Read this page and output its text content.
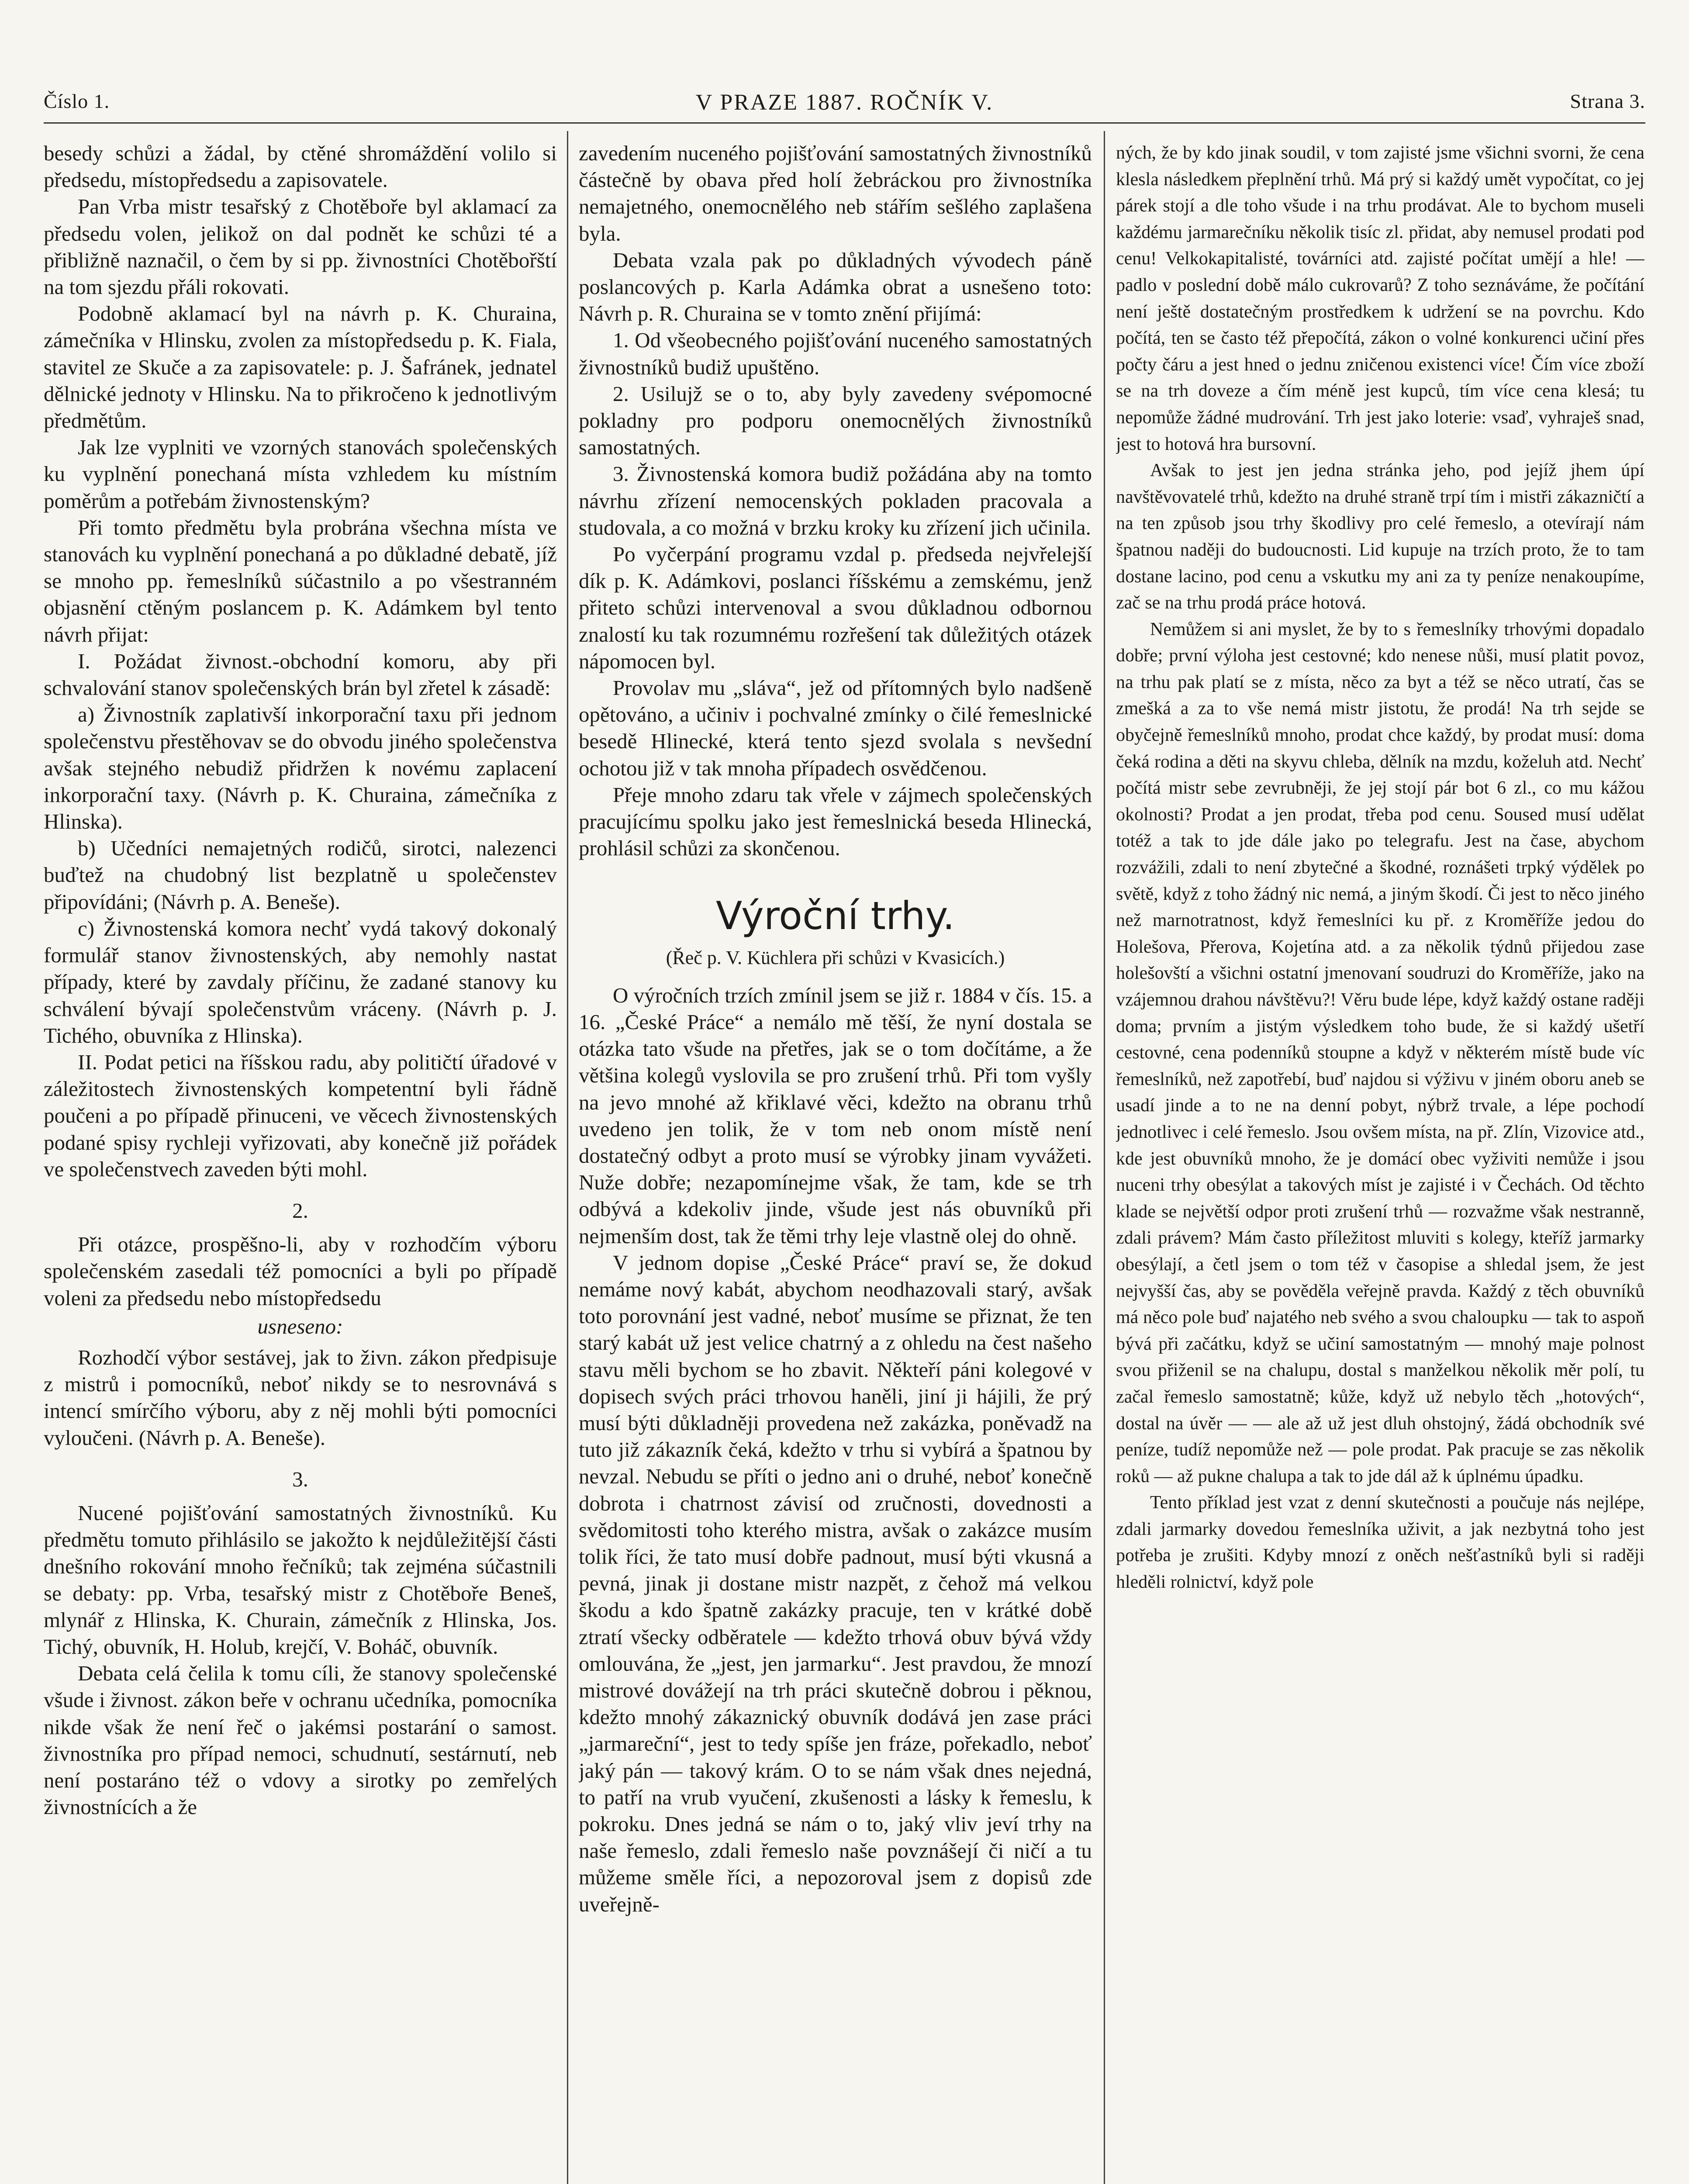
Číslo 1.	V PRAZE 1887. ROČNÍK V.	Strana 3.

besedy schůzi a žádal, by ctěné shromáždění volilo si předsedu, místopředsedu a zapisovatele.

Pan Vrba mistr tesařský z Chotěboře byl aklamací za předsedu volen, jelikož on dal podnět ke schůzi té a přibližně naznačil, o čem by si pp. živnostníci Chotěbořští na tom sjezdu přáli rokovati.

Podobně aklamací byl na návrh p. K. Churaina, zámečníka v Hlinsku, zvolen za místopředsedu p. K. Fiala, stavitel ze Skuče a za zapisovatele: p. J. Šafránek, jednatel dělnické jednoty v Hlinsku. Na to přikročeno k jednotlivým předmětům.

Jak lze vyplniti ve vzorných stanovách společenských ku vyplnění ponechaná místa vzhledem ku místním poměrům a potřebám živnostenským?

Při tomto předmětu byla probrána všechna místa ve stanovách ku vyplnění ponechaná a po důkladné debatě, jíž se mnoho pp. řemeslníků súčastnilo a po všestranném objasnění ctěným poslancem p. K. Adámkem byl tento návrh přijat:

I. Požádat živnost.-obchodní komoru, aby při schvalování stanov společenských brán byl zřetel k zásadě:

a) Živnostník zaplativší inkorporační taxu při jednom společenstvu přestěhovav se do obvodu jiného společenstva avšak stejného nebudiž přidržen k novému zaplacení inkorporační taxy. (Návrh p. K. Churaina, zámečníka z Hlinska).

b) Učedníci nemajetných rodičů, sirotci, nalezenci buďtež na chudobný list bezplatně u společenstev připovídáni; (Návrh p. A. Beneše).

c) Živnostenská komora nechť vydá takový dokonalý formulář stanov živnostenských, aby nemohly nastat případy, které by zavdaly příčinu, že zadané stanovy ku schválení bývají společenstvům vráceny. (Návrh p. J. Tichého, obuvníka z Hlinska).

II. Podat petici na říšskou radu, aby političtí úřadové v záležitostech živnostenských kompetentní byli řádně poučeni a po případě přinuceni, ve věcech živnostenských podané spisy rychleji vyřizovati, aby konečně již pořádek ve společenstvech zaveden býti mohl.

2.

Při otázce, prospěšno-li, aby v rozhodčím výboru společenském zasedali též pomocníci a byli po případě voleni za předsedu nebo místopředsedu

usneseno:

Rozhodčí výbor sestávej, jak to živn. zákon předpisuje z mistrů i pomocníků, neboť nikdy se to nesrovnává s intencí smírčího výboru, aby z něj mohli býti pomocníci vyloučeni. (Návrh p. A. Beneše).

3.

Nucené pojišťování samostatných živnostníků. Ku předmětu tomuto přihlásilo se jakožto k nejdůležitější části dnešního rokování mnoho řečníků; tak zejména súčastnili se debaty: pp. Vrba, tesařský mistr z Chotěboře Beneš, mlynář z Hlinska, K. Churain, zámečník z Hlinska, Jos. Tichý, obuvník, H. Holub, krejčí, V. Boháč, obuvník.

Debata celá čelila k tomu cíli, že stanovy společenské všude i živnost. zákon beře v ochranu učedníka, pomocníka nikde však že není řeč o jakémsi postarání o samost. živnostníka pro případ nemoci, schudnutí, sestárnutí, neb není postaráno též o vdovy a sirotky po zemřelých živnostnících a že

zavedením nuceného pojišťování samostatných živnostníků částečně by obava před holí žebráckou pro živnostníka nemajetného, onemocnělého neb stářím sešlého zaplašena byla.

Debata vzala pak po důkladných vývodech páně poslancových p. Karla Adámka obrat a usnešeno toto: Návrh p. R. Churaina se v tomto znění přijímá:

1. Od všeobecného pojišťování nuceného samostatných živnostníků budiž upuštěno.

2. Usilujž se o to, aby byly zavedeny svépomocné pokladny pro podporu onemocnělých živnostníků samostatných.

3. Živnostenská komora budiž požádána aby na tomto návrhu zřízení nemocenských pokladen pracovala a studovala, a co možná v brzku kroky ku zřízení jich učinila.

Po vyčerpání programu vzdal p. předseda nejvřelejší dík p. K. Adámkovi, poslanci říšskému a zemskému, jenž přiteto schůzi intervenoval a svou důkladnou odbornou znalostí ku tak rozumnému rozřešení tak důležitých otázek nápomocen byl.

Provolav mu „sláva“, jež od přítomných bylo nadšeně opětováno, a učiniv i pochvalné zmínky o čilé řemeslnické besedě Hlinecké, která tento sjezd svolala s nevšední ochotou již v tak mnoha případech osvědčenou.

Přeje mnoho zdaru tak vřele v zájmech společenských pracujícímu spolku jako jest řemeslnická beseda Hlinecká, prohlásil schůzi za skončenou.

Výroční trhy.

(Řeč p. V. Küchlera při schůzi v Kvasicích.)

O výročních trzích zmínil jsem se již r. 1884 v čís. 15. a 16. „České Práce“ a nemálo mě těší, že nyní dostala se otázka tato všude na přetřes, jak se o tom dočítáme, a že většina kolegů vyslovila se pro zrušení trhů. Při tom vyšly na jevo mnohé až křiklavé věci, kdežto na obranu trhů uvedeno jen tolik, že v tom neb onom místě není dostatečný odbyt a proto musí se výrobky jinam vyvážeti. Nuže dobře; nezapomínejme však, že tam, kde se trh odbývá a kdekoliv jinde, všude jest nás obuvníků při nejmenším dost, tak že těmi trhy leje vlastně olej do ohně.

V jednom dopise „České Práce“ praví se, že dokud nemáme nový kabát, abychom neodhazovali starý, avšak toto porovnání jest vadné, neboť musíme se přiznat, že ten starý kabát už jest velice chatrný a z ohledu na čest našeho stavu měli bychom se ho zbavit. Někteří páni kolegové v dopisech svých práci trhovou haněli, jiní ji hájili, že prý musí býti důkladněji provedena než zakázka, poněvadž na tuto již zákazník čeká, kdežto v trhu si vybírá a špatnou by nevzal. Nebudu se příti o jedno ani o druhé, neboť konečně dobrota i chatrnost závisí od zručnosti, dovednosti a svědomitosti toho kterého mistra, avšak o zakázce musím tolik říci, že tato musí dobře padnout, musí býti vkusná a pevná, jinak ji dostane mistr nazpět, z čehož má velkou škodu a kdo špatně zakázky pracuje, ten v krátké době ztratí všecky odběratele — kdežto trhová obuv bývá vždy omlouvána, že „jest, jen jarmarku“. Jest pravdou, že mnozí mistrové dovážejí na trh práci skutečně dobrou i pěknou, kdežto mnohý zákaznický obuvník dodává jen zase práci „jarmareční“, jest to tedy spíše jen fráze, pořekadlo, neboť jaký pán — takový krám. O to se nám však dnes nejedná, to patří na vrub vyučení, zkušenosti a lásky k řemeslu, k pokroku. Dnes jedná se nám o to, jaký vliv jeví trhy na naše řemeslo, zdali řemeslo naše povznášejí či ničí a tu můžeme směle říci, a nepozoroval jsem z dopisů zde uveřejně-

ných, že by kdo jinak soudil, v tom zajisté jsme všichni svorni, že cena klesla následkem přeplnění trhů. Má prý si každý umět vypočítat, co jej párek stojí a dle toho všude i na trhu prodávat. Ale to bychom museli každému jarmarečníku několik tisíc zl. přidat, aby nemusel prodati pod cenu! Velkokapitalisté, továrníci atd. zajisté počítat umějí a hle! — padlo v poslední době málo cukrovarů? Z toho seznáváme, že počítání není ještě dostatečným prostředkem k udržení se na povrchu. Kdo počítá, ten se často též přepočítá, zákon o volné konkurenci učiní přes počty čáru a jest hned o jednu zničenou existenci více! Čím více zboží se na trh doveze a čím méně jest kupců, tím více cena klesá; tu nepomůže žádné mudrování. Trh jest jako loterie: vsaď, vyhraješ snad, jest to hotová hra bursovní.

Avšak to jest jen jedna stránka jeho, pod jejíž jhem úpí navštěvovatelé trhů, kdežto na druhé straně trpí tím i mistři zákazničtí a na ten způsob jsou trhy škodlivy pro celé řemeslo, a otevírají nám špatnou naději do budoucnosti. Lid kupuje na trzích proto, že to tam dostane lacino, pod cenu a vskutku my ani za ty peníze nenakoupíme, zač se na trhu prodá práce hotová.

Nemůžem si ani myslet, že by to s řemeslníky trhovými dopadalo dobře; první výloha jest cestovné; kdo nenese nůši, musí platit povoz, na trhu pak platí se z místa, něco za byt a též se něco utratí, čas se zmešká a za to vše nemá mistr jistotu, že prodá! Na trh sejde se obyčejně řemeslníků mnoho, prodat chce každý, by prodat musí: doma čeká rodina a děti na skyvu chleba, dělník na mzdu, koželuh atd. Nechť počítá mistr sebe zevrubněji, že jej stojí pár bot 6 zl., co mu kážou okolnosti? Prodat a jen prodat, třeba pod cenu. Soused musí udělat totéž a tak to jde dále jako po telegrafu. Jest na čase, abychom rozvážili, zdali to není zbytečné a škodné, roznášeti trpký výdělek po světě, když z toho žádný nic nemá, a jiným škodí. Či jest to něco jiného než marnotratnost, když řemeslníci ku př. z Kroměříže jedou do Holešova, Přerova, Kojetína atd. a za několik týdnů přijedou zase holešovští a všichni ostatní jmenovaní soudruzi do Kroměříže, jako na vzájemnou drahou návštěvu?! Věru bude lépe, když každý ostane raději doma; prvním a jistým výsledkem toho bude, že si každý ušetří cestovné, cena podenníků stoupne a když v některém místě bude víc řemeslníků, než zapotřebí, buď najdou si výživu v jiném oboru aneb se usadí jinde a to ne na denní pobyt, nýbrž trvale, a lépe pochodí jednotlivec i celé řemeslo. Jsou ovšem místa, na př. Zlín, Vizovice atd., kde jest obuvníků mnoho, že je domácí obec vyživiti nemůže i jsou nuceni trhy obesýlat a takových míst je zajisté i v Čechách. Od těchto klade se největší odpor proti zrušení trhů — rozvažme však nestranně, zdali právem? Mám často příležitost mluviti s kolegy, kteříž jarmarky obesýlají, a četl jsem o tom též v časopise a shledal jsem, že jest nejvyšší čas, aby se pověděla veřejně pravda. Každý z těch obuvníků má něco pole buď najatého neb svého a svou chaloupku — tak to aspoň bývá při začátku, když se učiní samostatným — mnohý maje polnost svou přiženil se na chalupu, dostal s manželkou několik měr polí, tu začal řemeslo samostatně; kůže, když už nebylo těch „hotových“, dostal na úvěr — — ale až už jest dluh ohstojný, žádá obchodník své peníze, tudíž nepomůže než — pole prodat. Pak pracuje se zas několik roků — až pukne chalupa a tak to jde dál až k úplnému úpadku.

Tento příklad jest vzat z denní skutečnosti a poučuje nás nejlépe, zdali jarmarky dovedou řemeslníka uživit, a jak nezbytná toho jest potřeba je zrušiti. Kdyby mnozí z oněch nešťastníků byli si raději hleděli rolnictví, když pole
